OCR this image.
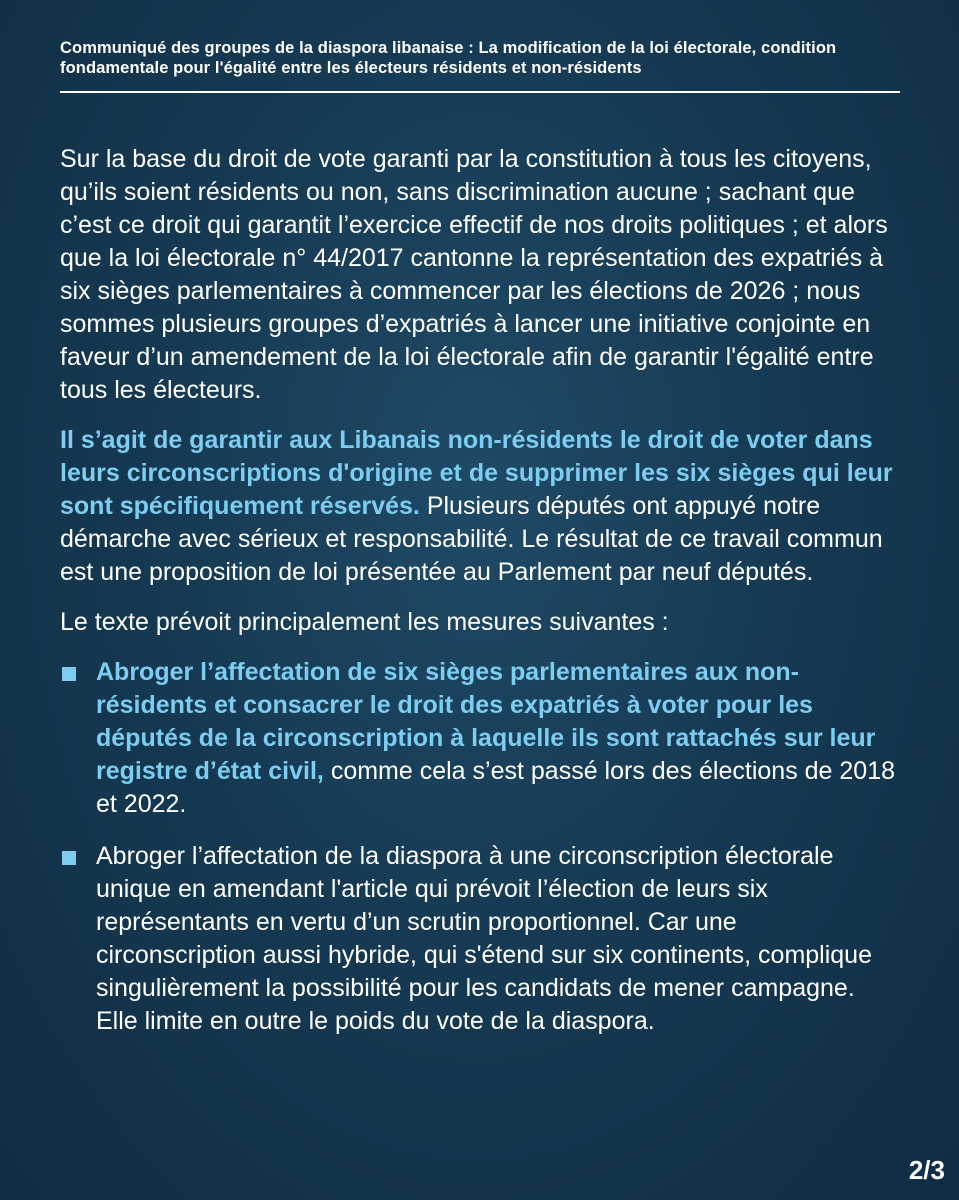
Communiqué des groupes de la diaspora libanaise : La modification de la loi électorale, condition fondamentale pour l'égalité entre les électeurs résidents et non-résidents

Sur la base du droit de vote garanti par la constitution à tous les citoyens, qu’ils soient résidents ou non, sans discrimination aucune ; sachant que c’est ce droit qui garantit l’exercice effectif de nos droits politiques ; et alors que la loi électorale n° 44/2017 cantonne la représentation des expatriés à six sièges parlementaires à commencer par les élections de 2026 ; nous sommes plusieurs groupes d’expatriés à lancer une initiative conjointe en faveur d’un amendement de la loi électorale afin de garantir l'égalité entre tous les électeurs.

Il s’agit de garantir aux Libanais non-résidents le droit de voter dans leurs circonscriptions d'origine et de supprimer les six sièges qui leur sont spécifiquement réservés. Plusieurs députés ont appuyé notre démarche avec sérieux et responsabilité. Le résultat de ce travail commun est une proposition de loi présentée au Parlement par neuf députés.

Le texte prévoit principalement les mesures suivantes :

Abroger l’affectation de six sièges parlementaires aux non-résidents et consacrer le droit des expatriés à voter pour les députés de la circonscription à laquelle ils sont rattachés sur leur registre d’état civil, comme cela s’est passé lors des élections de 2018 et 2022.
Abroger l’affectation de la diaspora à une circonscription électorale unique en amendant l'article qui prévoit l’élection de leurs six représentants en vertu d’un scrutin proportionnel. Car une circonscription aussi hybride, qui s'étend sur six continents, complique singulièrement la possibilité pour les candidats de mener campagne. Elle limite en outre le poids du vote de la diaspora.
2/3
